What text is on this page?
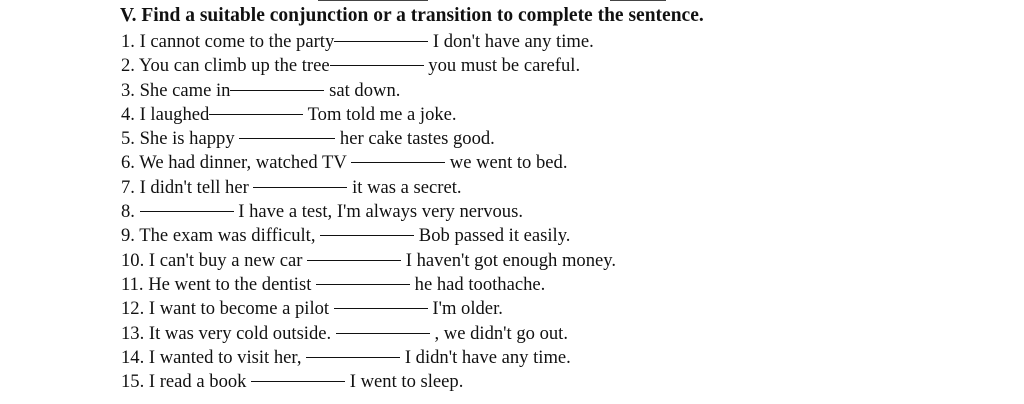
V. Find a suitable conjunction or a transition to complete the sentence.
1. I cannot come to the party	I don't have any time.
2. You can climb up the tree	you must be careful.
3. She came in	sat down.
4. I laughed	Tom told me a joke.
5. She is happy	her cake tastes good.
6. We had dinner, watched TV	we went to bed.
7. I didn't tell her	it was a secret.
8.	I have a test, I'm always very nervous.
9. The exam was difficult,	Bob passed it easily.
10. I can't buy a new car	I haven't got enough money.
11. He went to the dentist	he had toothache.
12. I want to become a pilot	I'm older.
13. It was very cold outside.	, we didn't go out.
14. I wanted to visit her,	I didn't have any time.
15. I read a book	I went to sleep.
